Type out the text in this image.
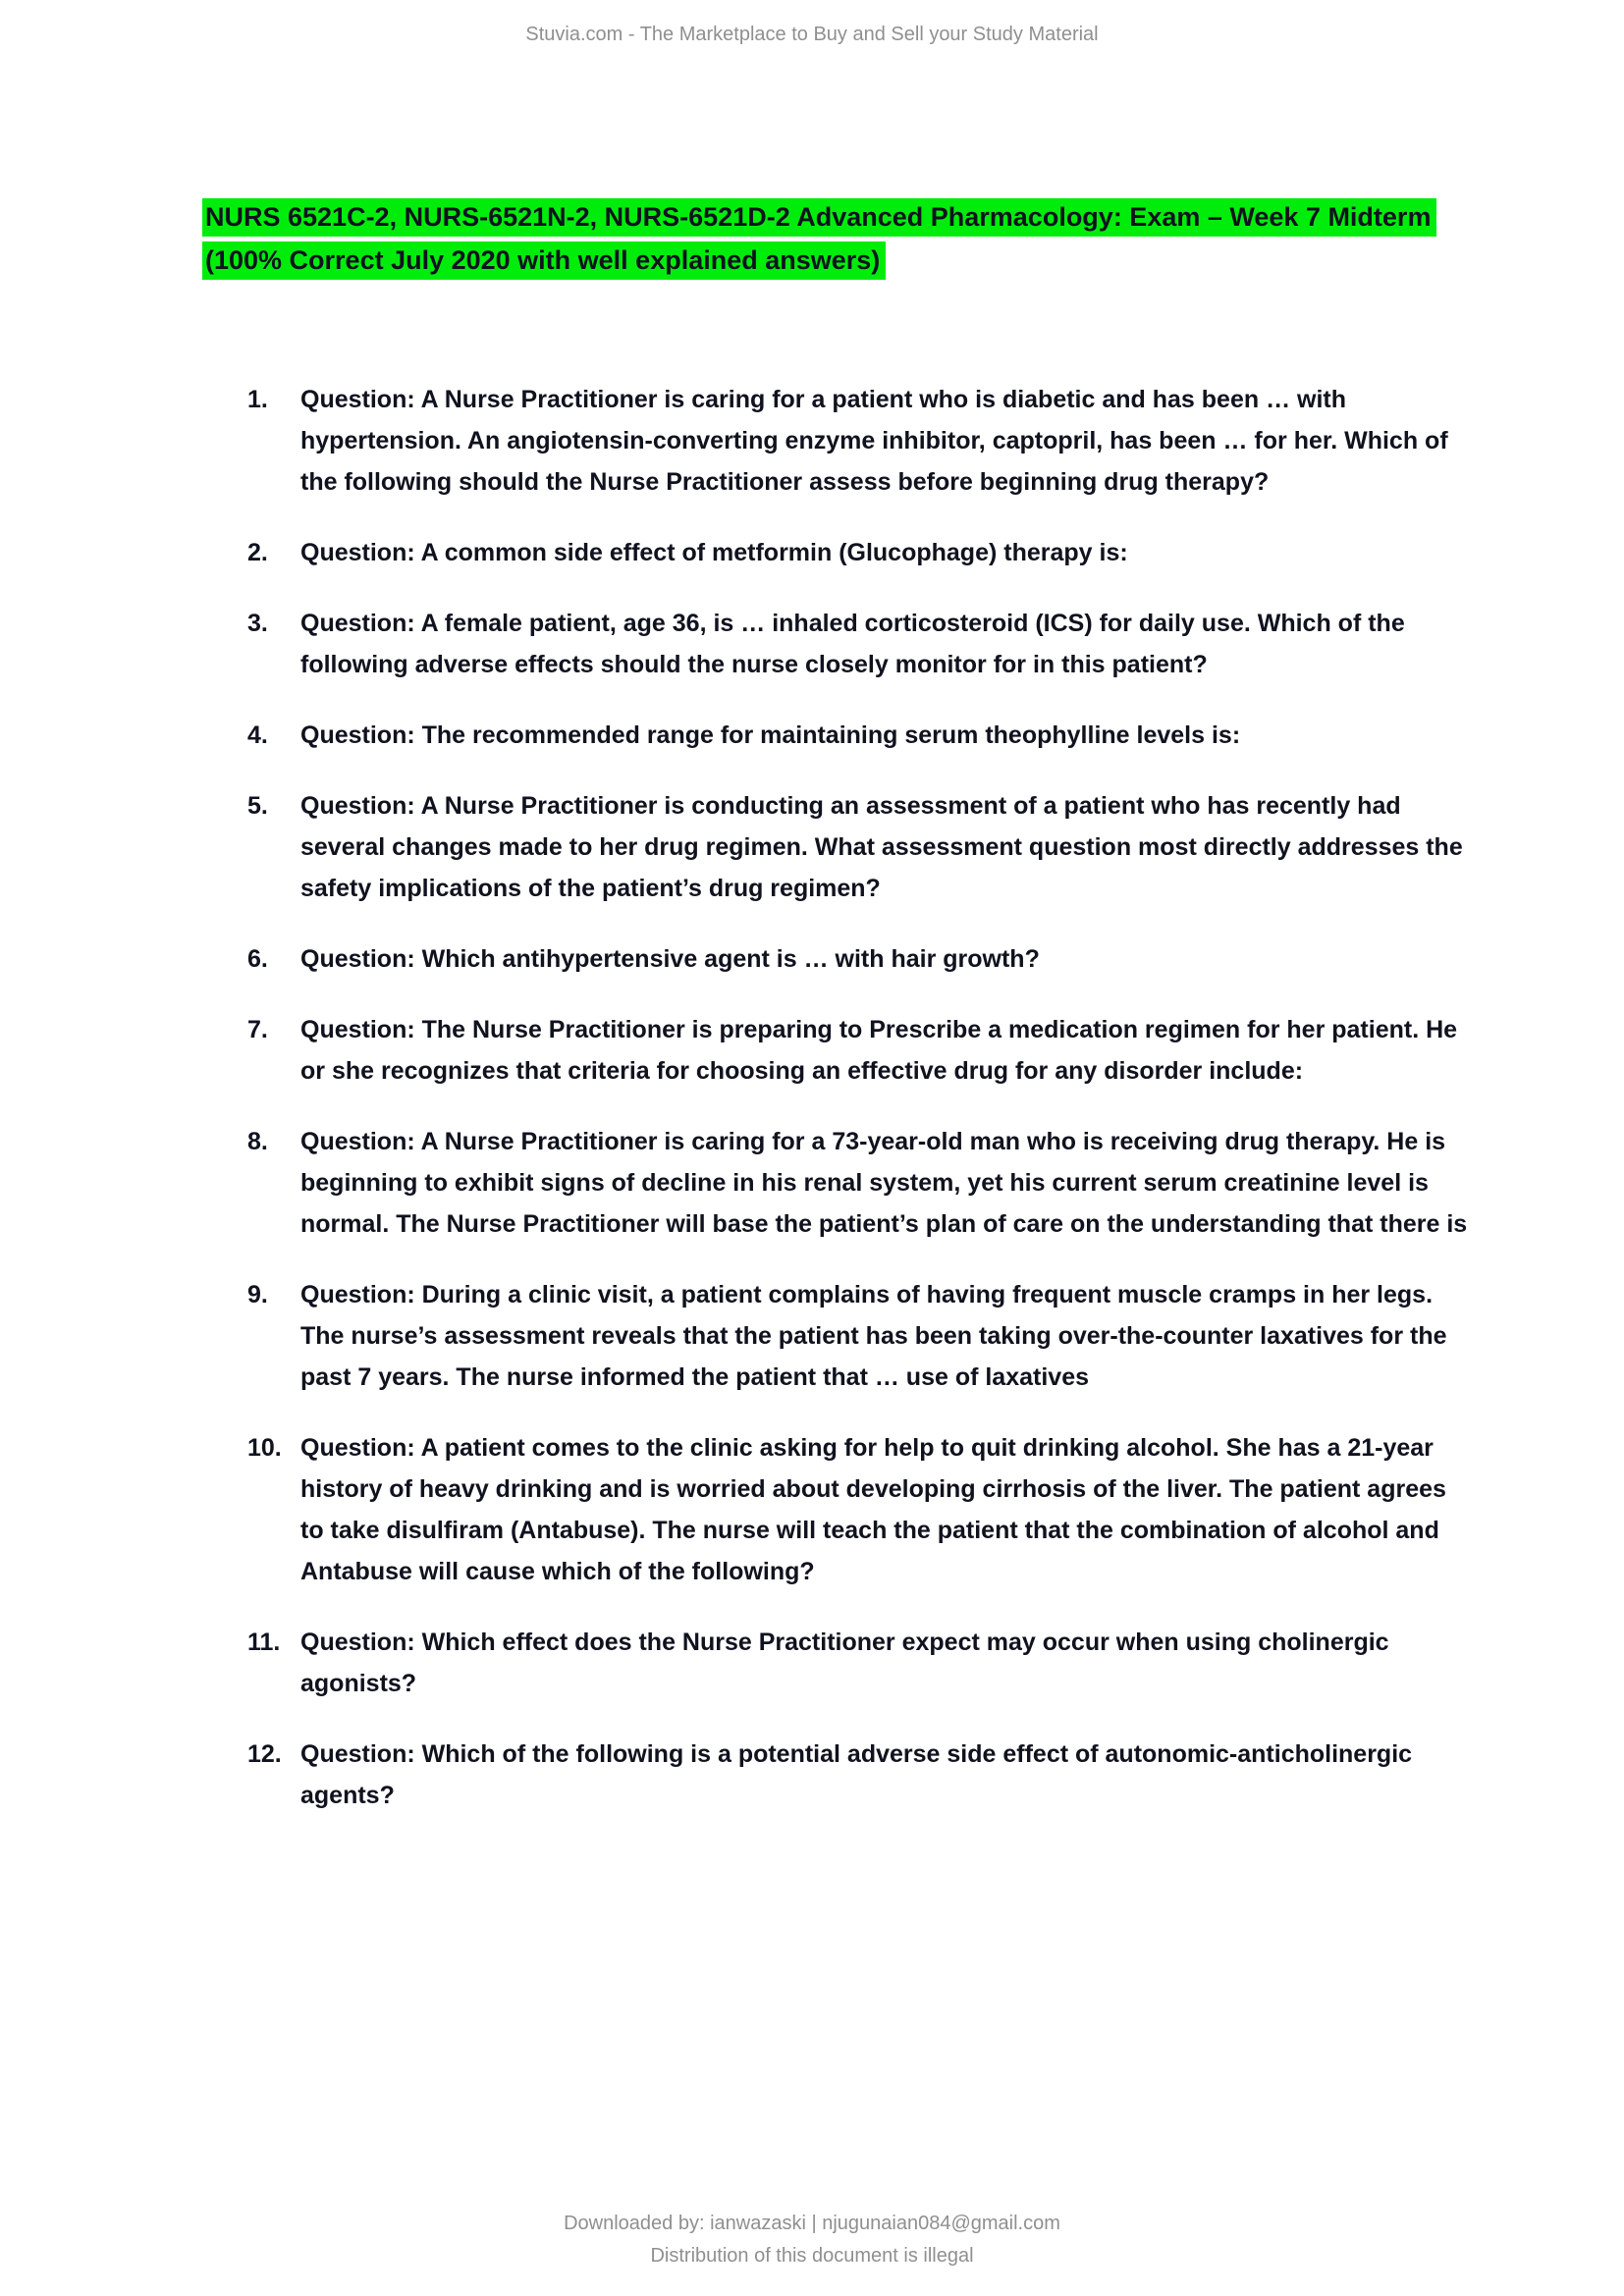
Stuvia.com - The Marketplace to Buy and Sell your Study Material
NURS 6521C-2, NURS-6521N-2, NURS-6521D-2 Advanced Pharmacology: Exam – Week 7 Midterm
(100% Correct July 2020 with well explained answers)
1.	Question: A Nurse Practitioner is caring for a patient who is diabetic and has been … with hypertension. An angiotensin-converting enzyme inhibitor, captopril, has been … for her. Which of the following should the Nurse Practitioner assess before beginning drug therapy?
2.	Question: A common side effect of metformin (Glucophage) therapy is:
3.	Question: A female patient, age 36, is … inhaled corticosteroid (ICS) for daily use. Which of the following adverse effects should the nurse closely monitor for in this patient?
4.	Question: The recommended range for maintaining serum theophylline levels is:
5.	Question: A Nurse Practitioner is conducting an assessment of a patient who has recently had several changes made to her drug regimen. What assessment question most directly addresses the safety implications of the patient’s drug regimen?
6.	Question: Which antihypertensive agent is … with hair growth?
7.	Question: The Nurse Practitioner is preparing to Prescribe a medication regimen for her patient. He or she recognizes that criteria for choosing an effective drug for any disorder include:
8.	Question: A Nurse Practitioner is caring for a 73-year-old man who is receiving drug therapy. He is beginning to exhibit signs of decline in his renal system, yet his current serum creatinine level is normal. The Nurse Practitioner will base the patient’s plan of care on the understanding that there is
9.	Question: During a clinic visit, a patient complains of having frequent muscle cramps in her legs. The nurse’s assessment reveals that the patient has been taking over-the-counter laxatives for the past 7 years. The nurse informed the patient that … use of laxatives
10. Question: A patient comes to the clinic asking for help to quit drinking alcohol. She has a 21-year history of heavy drinking and is worried about developing cirrhosis of the liver. The patient agrees to take disulfiram (Antabuse). The nurse will teach the patient that the combination of alcohol and Antabuse will cause which of the following?
11. Question: Which effect does the Nurse Practitioner expect may occur when using cholinergic agonists?
12. Question: Which of the following is a potential adverse side effect of autonomic-anticholinergic agents?
Downloaded by: ianwazaski | njugunaian084@gmail.com
Distribution of this document is illegal
